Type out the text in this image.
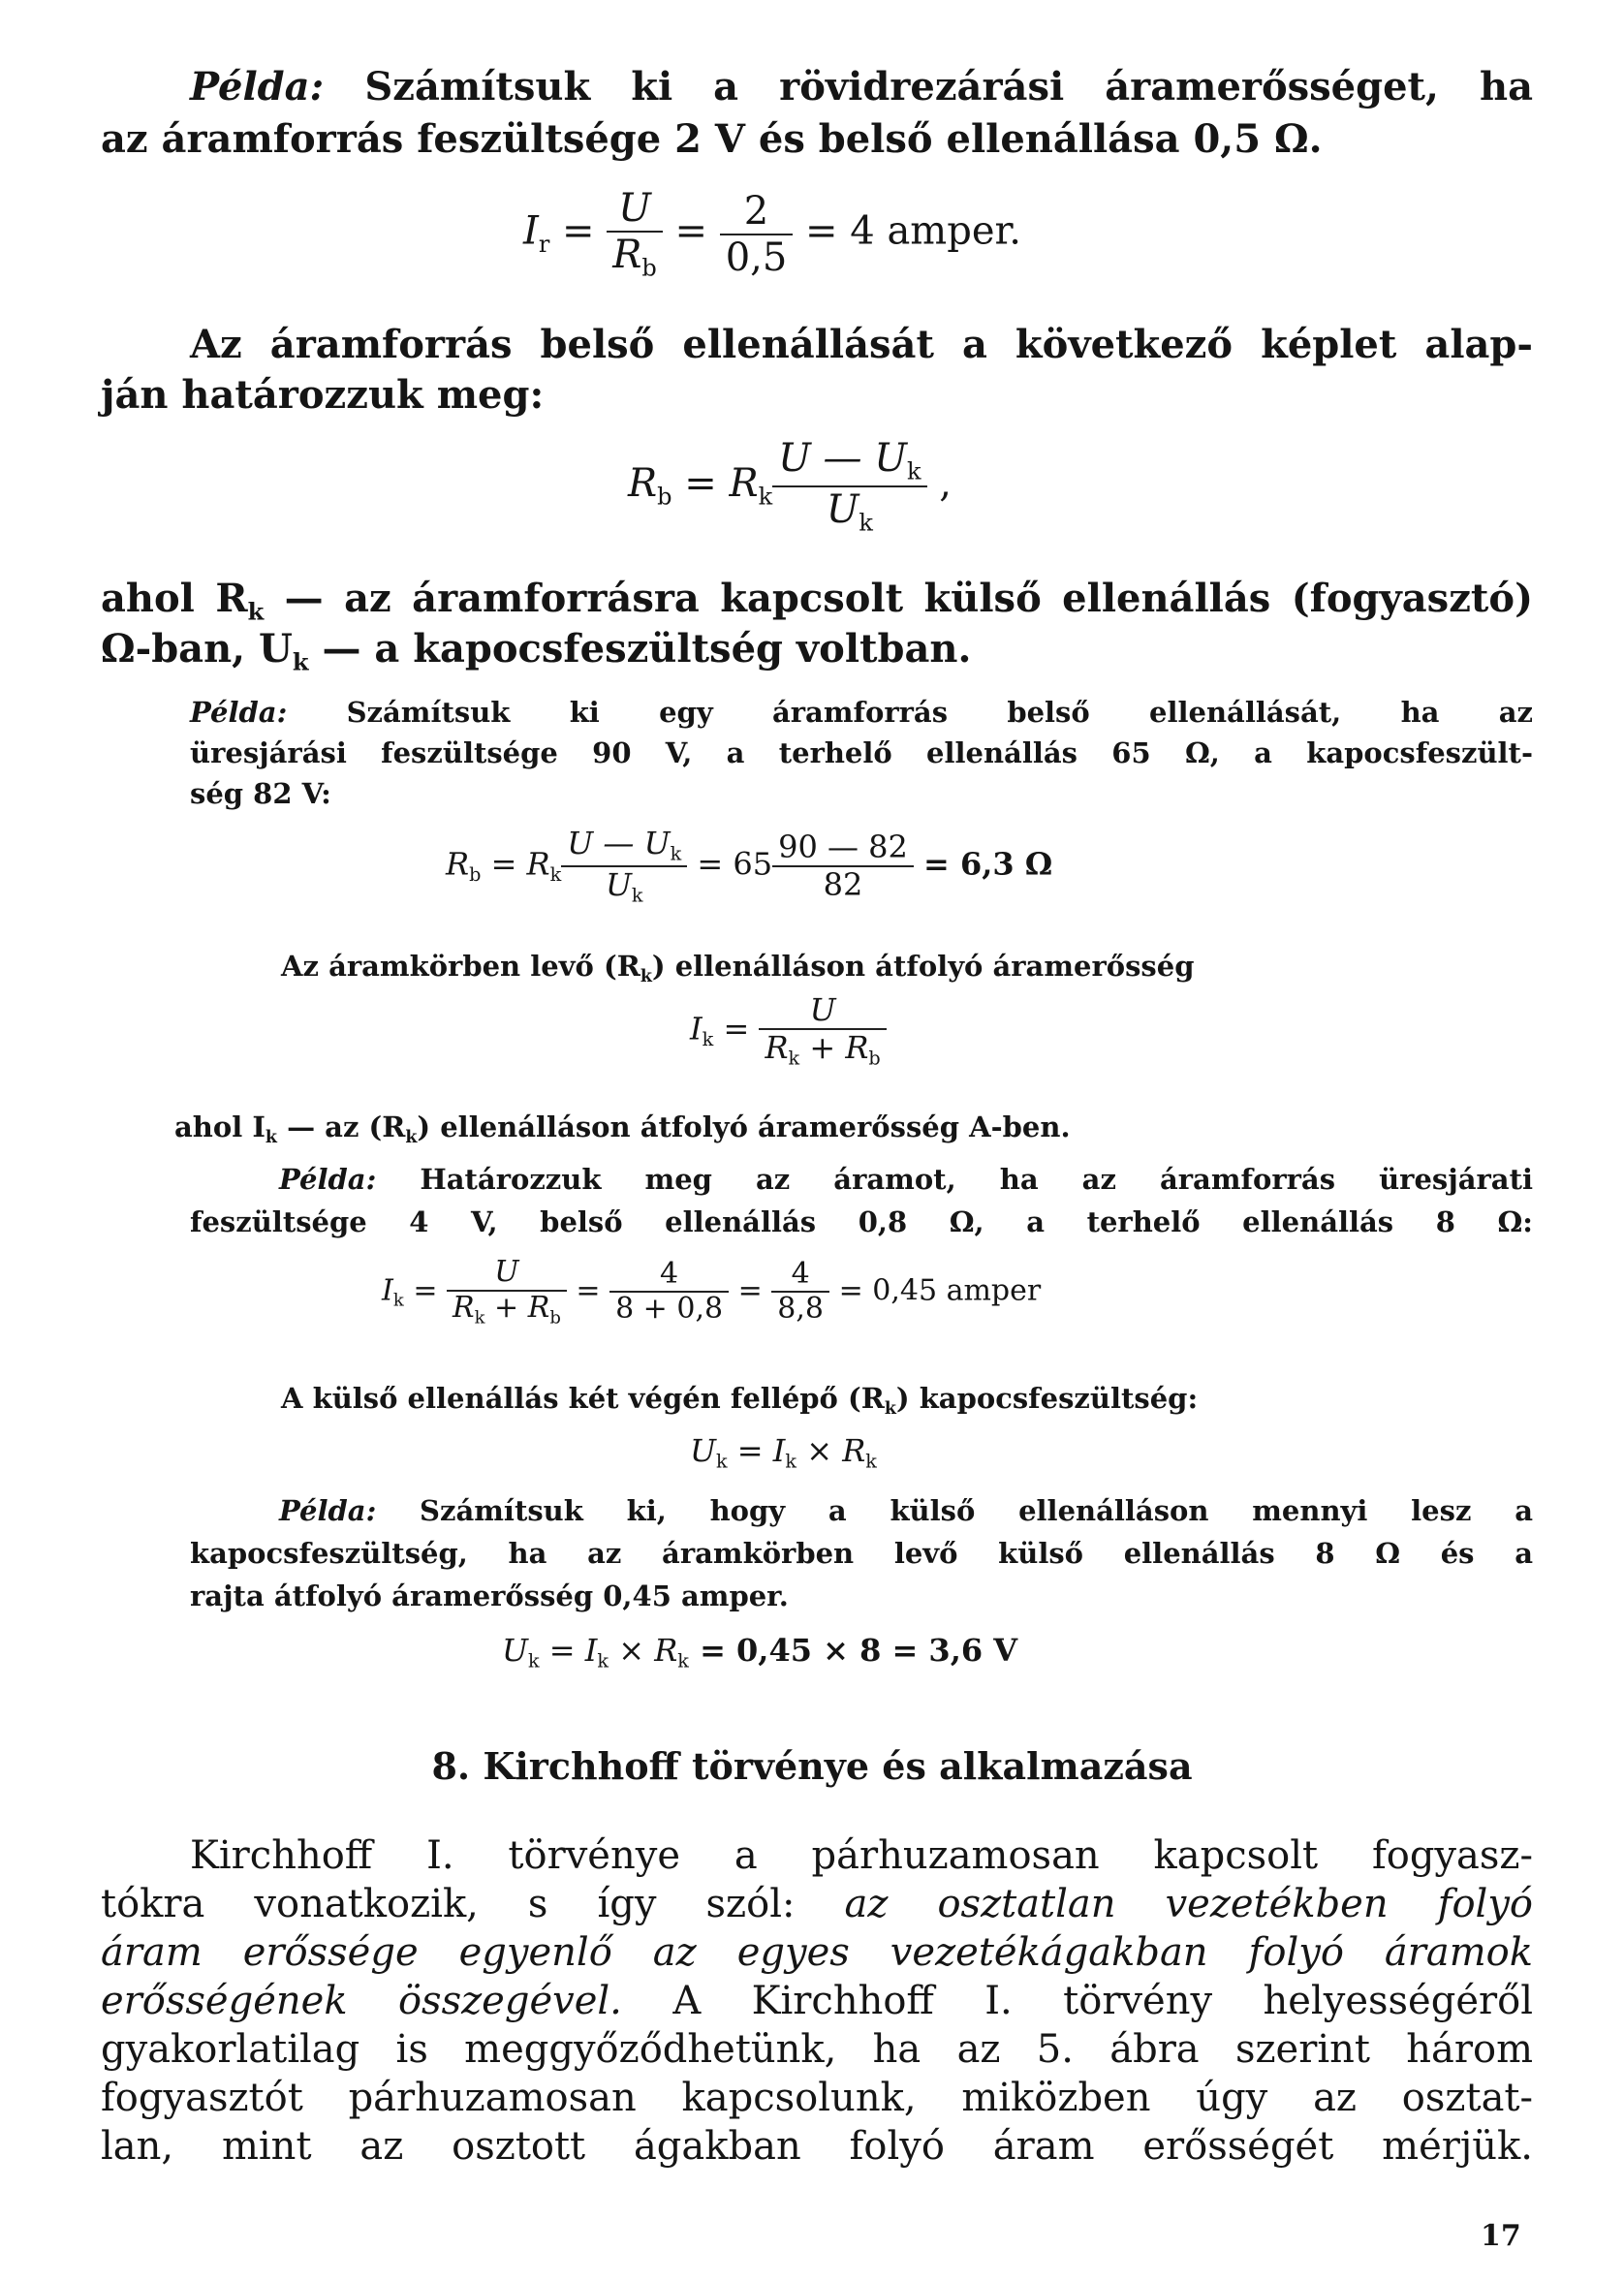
Példa: Számítsuk ki a rövidrezárási áramerősséget, ha
az áramforrás feszültsége 2 V és belső ellenállása 0,5 Ω.
$I_r = \frac{U}{R_b} = \frac{2}{0,5} = 4$ amper.
Az áramforrás belső ellenállását a következő képlet alap-
ján határozzuk meg:
$R_b = R_k \frac{U — U_k}{U_k}$ ,
ahol $R_k$ — az áramforrásra kapcsolt külső ellenállás (fogyasztó)
Ω-ban, $U_k$ — a kapocsfeszültség voltban.
Példa: Számítsuk ki egy áramforrás belső ellenállását, ha az
üresjárási feszültsége 90 V, a terhelő ellenállás 65 Ω, a kapocsfeszült-
ség 82 V:
$R_b = R_k \frac{U — U_k}{U_k} = 65 \frac{90 — 82}{82} = 6,3$ Ω
Az áramkörben levő $(R_k)$ ellenálláson átfolyó áramerősség
$I_k = \frac{U}{R_k + R_b}$
ahol $I_k$ — az $(R_k)$ ellenálláson átfolyó áramerősség A-ben.
Példa: Határozzuk meg az áramot, ha az áramforrás üresjárati
feszültsége 4 V, belső ellenállás 0,8 Ω, a terhelő ellenállás 8 Ω:
$I_k = \frac{U}{R_k + R_b} = \frac{4}{8 + 0,8} = \frac{4}{8,8} = 0,45$ amper
A külső ellenállás két végén fellépő $(R_k)$ kapocsfeszültség:
$U_k = I_k \times R_k$
Példa: Számítsuk ki, hogy a külső ellenálláson mennyi lesz a
kapocsfeszültség, ha az áramkörben levő külső ellenállás 8 Ω és a
rajta átfolyó áramerősség 0,45 amper.
$U_k = I_k \times R_k = 0,45 \times 8 = 3,6$ V
8. Kirchhoff törvénye és alkalmazása
Kirchhoff I. törvénye a párhuzamosan kapcsolt fogyasz-
tókra vonatkozik, s így szól: az osztatlan vezetékben folyó
áram erőssége egyenlő az egyes vezetékágakban folyó áramok
erősségének összegével. A Kirchhoff I. törvény helyességéről
gyakorlatilag is meggyőződhetünk, ha az 5. ábra szerint három
fogyasztót párhuzamosan kapcsolunk, miközben úgy az osztat-
lan, mint az osztott ágakban folyó áram erősségét mérjük.
17
